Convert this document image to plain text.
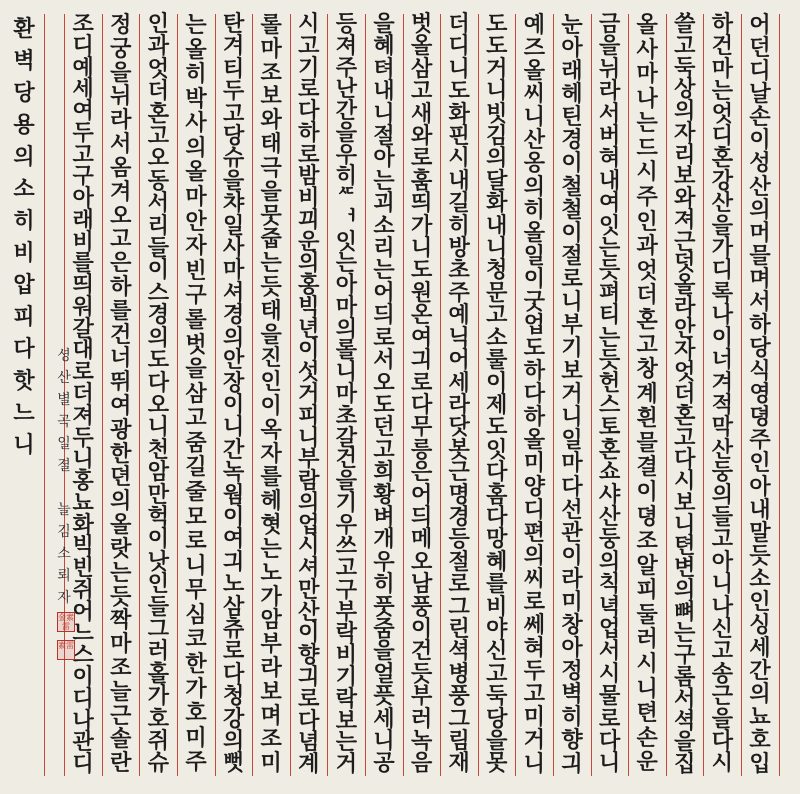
어
던
디
날
손
이
성
산
의
머
믈
며
서
하
당
식
영
뎡
주
인
아
내
말
듯
소
인
싱
세
간
의
뇨
호
입
하
건
마
는
엇
디
혼
강
산
을
가
디
록
나
이
너
겨
적
막
산
둥
의
들
고
아
니
나
신
고
송
근
을
다
시
쓸
고
둑
상
의
자
리
보
와
져
근
덧
올
라
안
자
엇
더
혼
고
다
시
보
니
텬
변
의
뼈
는
구
롬
서
셕
을
집
올
사
마
나
는
드
시
주
인
과
엇
더
혼
고
창
계
흰
믈
결
이
뎡
조
알
피
둘
러
시
니
텬
손
운
금
을
뉘
라
서
버
혀
내
여
잇
는
듯
펴
티
는
듯
헌
스
토
혼
쇼
샤
산
둥
의
칙
녁
업
서
시
물
로
다
니
눈
아
래
헤
틴
경
이
철
철
이
절
로
니
부
기
보
거
니
일
마
다
선
관
이
라
미
창
아
정
벽
히
향
긔
예
즈
올
씨
니
산
옹
의
히
올
일
이
굿
업
도
하
다
하
올
미
양
디
편
의
씨
로
쎄
혀
두
고
미
거
니
도
도
거
니
빗
김
의
달
화
내
니
청
문
고
소
룰
이
제
도
잇
다
홈
다
망
혜
를
비
야
신
고
둑
당
을
못
더
디
니
도
화
핀
시
내
길
히
방
초
주
예
닉
어
세
라
닷
봇
근
명
경
등
절
로
그
린
셕
병
풍
그
림
재
벗
올
삼
고
새
와
로
훔
띄
가
니
도
원
온
여
긔
로
다
무
릉
은
어
듸
메
오
남
풍
이
건
듯
부
러
녹
음
을
혜
텨
내
니
절
아
는
괴
소
리
는
어
듸
로
서
오
도
던
고
희
황
벼
개
우
히
풋
줌
을
얼
픗
세
니
공
등
져
주
난
간
을
우
히
ᄯ
ᅥ
잇
는
아
마
의
롤
니
마
초
갈
건
을
기
우
쓰
고
구
부
락
비
기
락
보
는
거
시
고
기
로
다
하
로
밤
비
끠
운
의
홍
빅
년
이
섯
거
피
니
부
람
의
업
시
셔
만
산
이
향
긔
로
다
념
계
롤
마
조
보
와
태
극
을
뭇
줍
는
듯
태
을
진
인
이
옥
자
를
헤
혓
는
노
가
암
부
라
보
며
조
미
탄
겨
티
두
고
당
슈
을
챠
일
사
마
셔
경
의
안
장
이
니
간
녹
웜
이
여
긔
노
삼
츄
로
다
청
강
의
뻣
는
올
히
박
사
의
올
마
안
자
빈
구
롤
벗
을
삼
고
줌
길
줄
모
로
니
무
심
코
한
가
호
미
주
인
과
엇
더
혼
고
오
동
서
리
들
이
스
경
의
도
다
오
니
천
암
만
헉
이
낫
인
들
그
러
홀
가
호
쥐
슈
정
궁
을
뉘
라
서
옴
겨
오
고
은
하
를
건
너
뛰
여
광
한
뎐
의
올
랏
는
듯
짝
마
조
늘
근
솔
란
조
디
예
세
여
두
고
구
아
래
비
를
띄
워
갈
대
로
더
져
두
니
홍
뇨
화
빅
빈
쥐
어
느
스
이
디
나
관
디
환
벽
당
용
의
소
히
비
압
피
다
핫
느
니
셩
산
별
곡
일
졀
늘
김
소
뢰
자
金素雷
素雷
